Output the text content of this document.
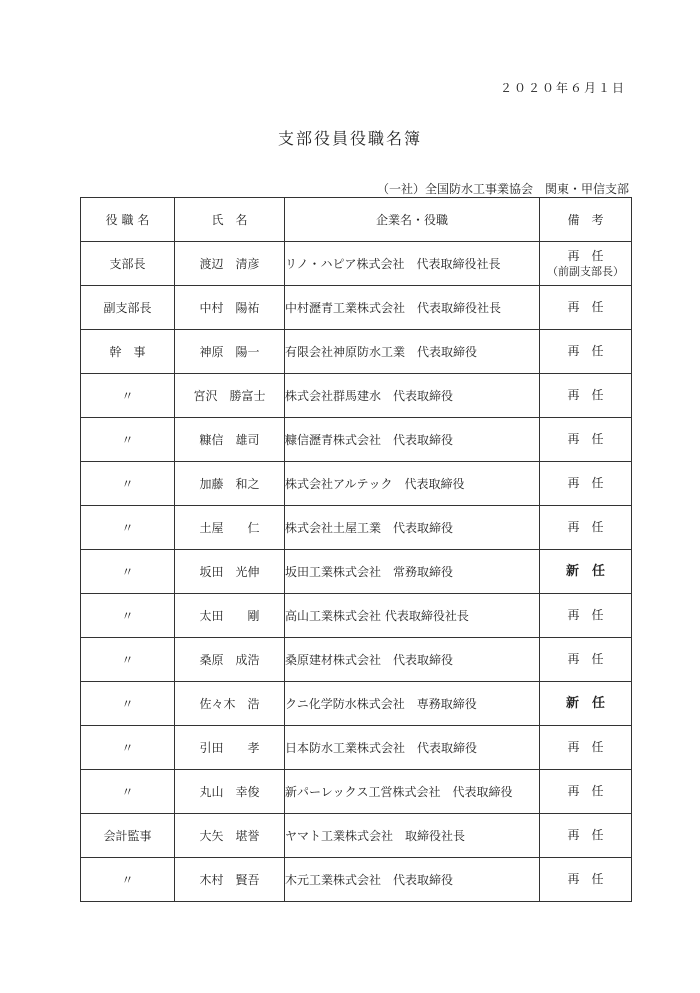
２０２０年６月１日
支部役員役職名簿
（一社）全国防水工事業協会　関東・甲信支部
役 職 名	氏　名	企業名・役職	備　考
支部長	渡辺　清彦	リノ・ハピア株式会社　代表取締役社長	再　任
（前副支部長）

副支部長	中村　陽祐	中村瀝青工業株式会社　代表取締役社長	再　任

幹　事	神原　陽一	有限会社神原防水工業　代表取締役	再　任

〃	宮沢　勝富士	株式会社群馬建水　代表取締役	再　任

〃	糠信　雄司	糠信瀝青株式会社　代表取締役	再　任

〃	加藤　和之	株式会社アルテック　代表取締役	再　任

〃	土屋　　仁	株式会社土屋工業　代表取締役	再　任

〃	坂田　光伸	坂田工業株式会社　常務取締役	新　任

〃	太田　　剛	高山工業株式会社 代表取締役社長	再　任

〃	桑原　成浩	桑原建材株式会社　代表取締役	再　任

〃	佐々木　浩	クニ化学防水株式会社　専務取締役	新　任

〃	引田　　孝	日本防水工業株式会社　代表取締役	再　任

〃	丸山　幸俊	新パーレックス工営株式会社　代表取締役	再　任

会計監事	大矢　堪誉	ヤマト工業株式会社　取締役社長	再　任

〃	木村　賢吾	木元工業株式会社　代表取締役	再　任
